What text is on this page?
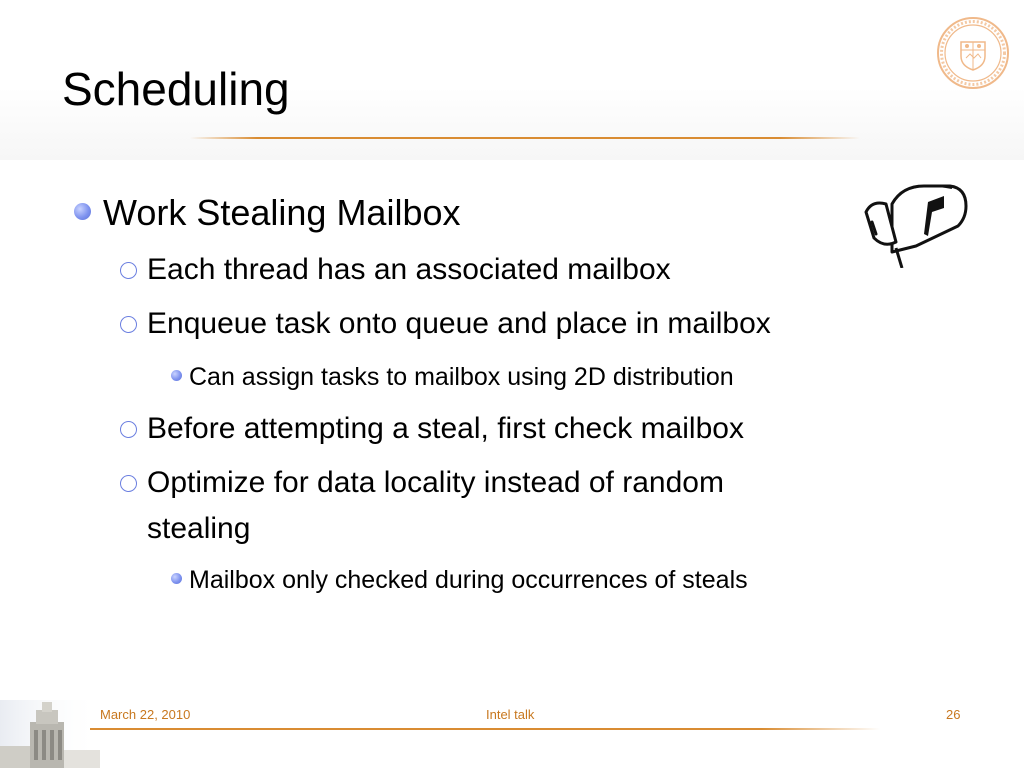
Scheduling
Work Stealing Mailbox
Each thread has an associated mailbox
Enqueue task onto queue and place in mailbox
Can assign tasks to mailbox using 2D distribution
Before attempting a steal, first check mailbox
Optimize for data locality instead of random
stealing
Mailbox only checked during occurrences of steals
March 22, 2010	Intel talk	26
